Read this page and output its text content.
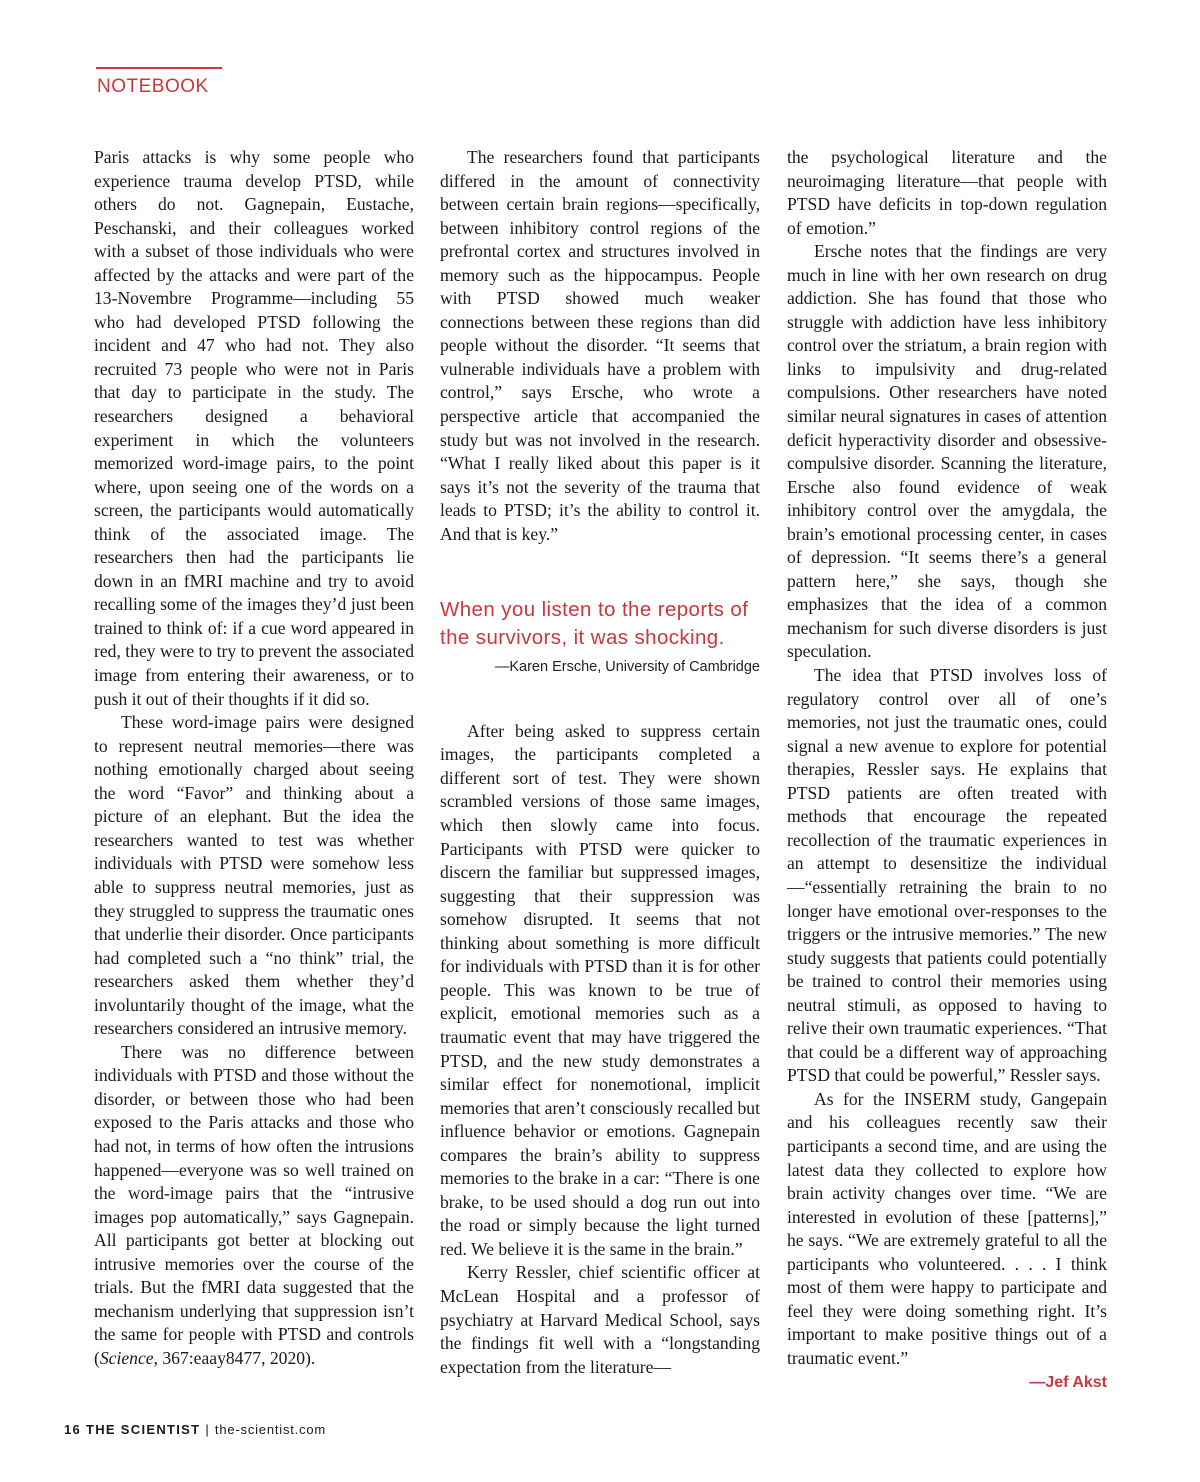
NOTEBOOK

Paris attacks is why some people who experience trauma develop PTSD, while others do not. Gagnepain, Eustache, Peschanski, and their colleagues worked with a subset of those individuals who were affected by the attacks and were part of the 13-Novembre Programme—including 55 who had developed PTSD following the incident and 47 who had not. They also recruited 73 people who were not in Paris that day to participate in the study. The researchers designed a behavioral experiment in which the volunteers memorized word-image pairs, to the point where, upon seeing one of the words on a screen, the participants would automatically think of the associated image. The researchers then had the participants lie down in an fMRI machine and try to avoid recalling some of the images they’d just been trained to think of: if a cue word appeared in red, they were to try to prevent the associated image from entering their awareness, or to push it out of their thoughts if it did so.

These word-image pairs were designed to represent neutral memories—there was nothing emotionally charged about seeing the word “Favor” and thinking about a picture of an elephant. But the idea the researchers wanted to test was whether individuals with PTSD were somehow less able to suppress neutral memories, just as they struggled to suppress the traumatic ones that underlie their disorder. Once participants had completed such a “no think” trial, the researchers asked them whether they’d involuntarily thought of the image, what the researchers considered an intrusive memory.

There was no difference between individuals with PTSD and those without the disorder, or between those who had been exposed to the Paris attacks and those who had not, in terms of how often the intrusions happened—everyone was so well trained on the word-image pairs that the “intrusive images pop automatically,” says Gagnepain. All participants got better at blocking out intrusive memories over the course of the trials. But the fMRI data suggested that the mechanism underlying that suppression isn’t the same for people with PTSD and controls (Science, 367:eaay8477, 2020).

The researchers found that participants differed in the amount of connectivity between certain brain regions—specifically, between inhibitory control regions of the prefrontal cortex and structures involved in memory such as the hippocampus. People with PTSD showed much weaker connections between these regions than did people without the disorder. “It seems that vulnerable individuals have a problem with control,” says Ersche, who wrote a perspective article that accompanied the study but was not involved in the research. “What I really liked about this paper is it says it’s not the severity of the trauma that leads to PTSD; it’s the ability to control it. And that is key.”

When you listen to the reports of the survivors, it was shocking.
—Karen Ersche, University of Cambridge

After being asked to suppress certain images, the participants completed a different sort of test. They were shown scrambled versions of those same images, which then slowly came into focus. Participants with PTSD were quicker to discern the familiar but suppressed images, suggesting that their suppression was somehow disrupted. It seems that not thinking about something is more difficult for individuals with PTSD than it is for other people. This was known to be true of explicit, emotional memories such as a traumatic event that may have triggered the PTSD, and the new study demonstrates a similar effect for nonemotional, implicit memories that aren’t consciously recalled but influence behavior or emotions. Gagnepain compares the brain’s ability to suppress memories to the brake in a car: “There is one brake, to be used should a dog run out into the road or simply because the light turned red. We believe it is the same in the brain.”

Kerry Ressler, chief scientific officer at McLean Hospital and a professor of psychiatry at Harvard Medical School, says the findings fit well with a “longstanding expectation from the literature—

the psychological literature and the neuroimaging literature—that people with PTSD have deficits in top-down regulation of emotion.”

Ersche notes that the findings are very much in line with her own research on drug addiction. She has found that those who struggle with addiction have less inhibitory control over the striatum, a brain region with links to impulsivity and drug-related compulsions. Other researchers have noted similar neural signatures in cases of attention deficit hyperactivity disorder and obsessive-compulsive disorder. Scanning the literature, Ersche also found evidence of weak inhibitory control over the amygdala, the brain’s emotional processing center, in cases of depression. “It seems there’s a general pattern here,” she says, though she emphasizes that the idea of a common mechanism for such diverse disorders is just speculation.

The idea that PTSD involves loss of regulatory control over all of one’s memories, not just the traumatic ones, could signal a new avenue to explore for potential therapies, Ressler says. He explains that PTSD patients are often treated with methods that encourage the repeated recollection of the traumatic experiences in an attempt to desensitize the individual—“essentially retraining the brain to no longer have emotional over-responses to the triggers or the intrusive memories.” The new study suggests that patients could potentially be trained to control their memories using neutral stimuli, as opposed to having to relive their own traumatic experiences. “That that could be a different way of approaching PTSD that could be powerful,” Ressler says.

As for the INSERM study, Gangepain and his colleagues recently saw their participants a second time, and are using the latest data they collected to explore how brain activity changes over time. “We are interested in evolution of these [patterns],” he says. “We are extremely grateful to all the participants who volunteered. . . . I think most of them were happy to participate and feel they were doing something right. It’s important to make positive things out of a traumatic event.”

—Jef Akst
16 THE SCIENTIST | the-scientist.com
